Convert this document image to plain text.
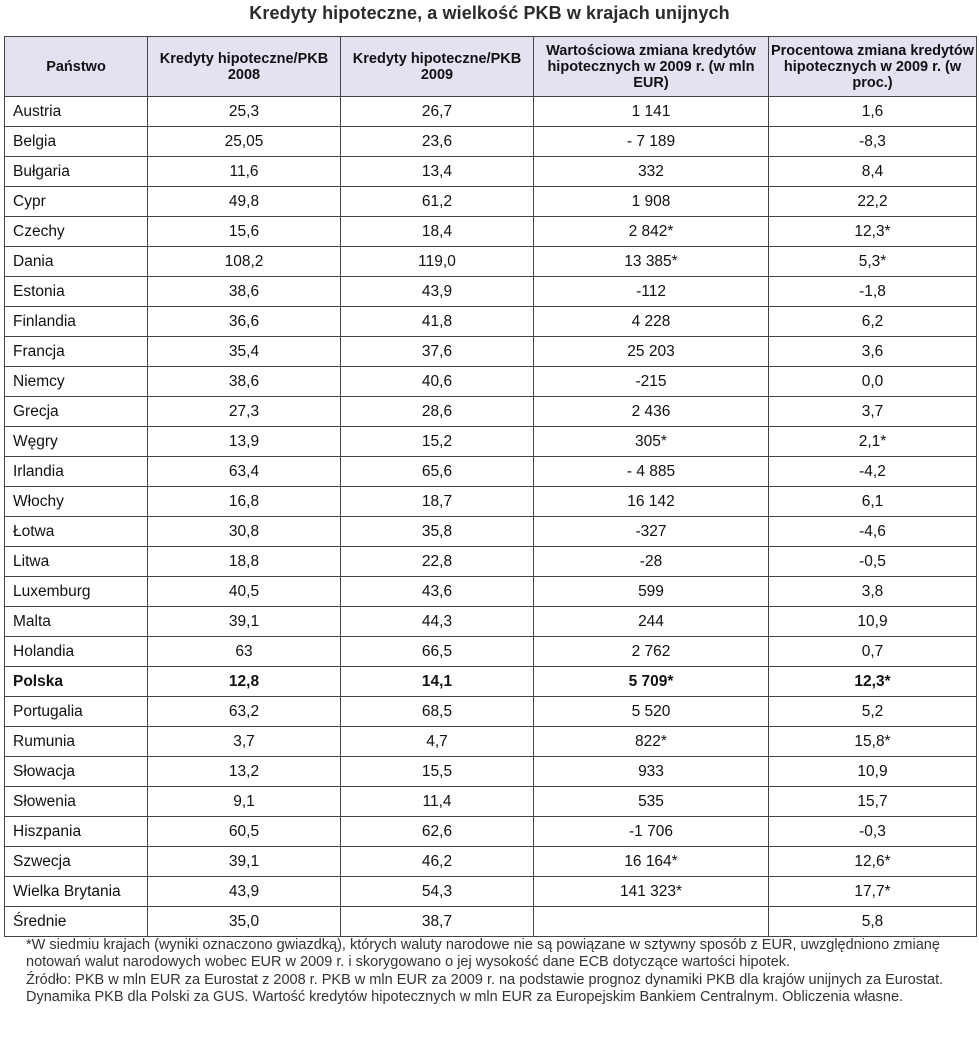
Kredyty hipoteczne, a wielkość PKB w krajach unijnych
Państwo	Kredyty hipoteczne/PKB 2008	Kredyty hipoteczne/PKB 2009	Wartościowa zmiana kredytów hipotecznych w 2009 r. (w mln EUR)	Procentowa zmiana kredytów hipotecznych w 2009 r. (w proc.)
Austria	25,3	26,7	1 141	1,6
Belgia	25,05	23,6	- 7 189	-8,3
Bułgaria	11,6	13,4	332	8,4
Cypr	49,8	61,2	1 908	22,2
Czechy	15,6	18,4	2 842*	12,3*
Dania	108,2	119,0	13 385*	5,3*
Estonia	38,6	43,9	-112	-1,8
Finlandia	36,6	41,8	4 228	6,2
Francja	35,4	37,6	25 203	3,6
Niemcy	38,6	40,6	-215	0,0
Grecja	27,3	28,6	2 436	3,7
Węgry	13,9	15,2	305*	2,1*
Irlandia	63,4	65,6	- 4 885	-4,2
Włochy	16,8	18,7	16 142	6,1
Łotwa	30,8	35,8	-327	-4,6
Litwa	18,8	22,8	-28	-0,5
Luxemburg	40,5	43,6	599	3,8
Malta	39,1	44,3	244	10,9
Holandia	63	66,5	2 762	0,7
Polska	12,8	14,1	5 709*	12,3*
Portugalia	63,2	68,5	5 520	5,2
Rumunia	3,7	4,7	822*	15,8*
Słowacja	13,2	15,5	933	10,9
Słowenia	9,1	11,4	535	15,7
Hiszpania	60,5	62,6	-1 706	-0,3
Szwecja	39,1	46,2	16 164*	12,6*
Wielka Brytania	43,9	54,3	141 323*	17,7*
Średnie	35,0	38,7		5,8

*W siedmiu krajach (wyniki oznaczono gwiazdką), których waluty narodowe nie są powiązane w sztywny sposób z EUR, uwzględniono zmianę notowań walut narodowych wobec EUR w 2009 r. i skorygowano o jej wysokość dane ECB dotyczące wartości hipotek.

Źródło: PKB w mln EUR za Eurostat z 2008 r. PKB w mln EUR za 2009 r. na podstawie prognoz dynamiki PKB dla krajów unijnych za Eurostat. Dynamika PKB dla Polski za GUS. Wartość kredytów hipotecznych w mln EUR za Europejskim Bankiem Centralnym. Obliczenia własne.
